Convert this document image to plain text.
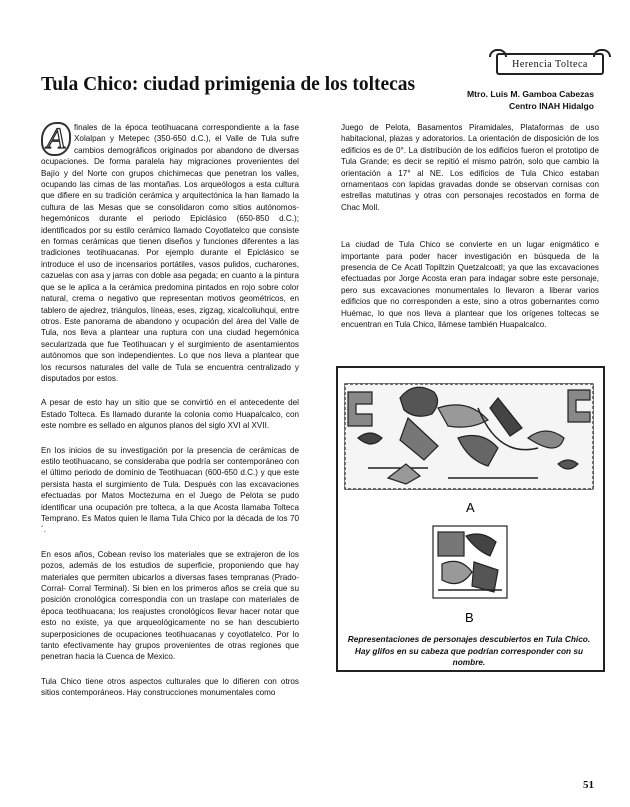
Herencia Tolteca
Tula Chico: ciudad primigenia de los toltecas	Mtro. Luis M. Gamboa Cabezas
Centro INAH Hidalgo

A finales de la época teotihuacana correspondiente a la fase Xolalpan y Metepec (350-650 d.C.), el Valle de Tula sufre cambios demográficos originados por abandono de diversas ocupaciones. De forma paralela hay migraciones provenientes del Bajío y del Norte con grupos chichimecas que penetran los valles, ocupando las cimas de las montañas. Los arqueólogos a esta cultura que difiere en su tradición cerámica y arquitectónica la han llamado la cultura de las Mesas que se consolidaron como sitios autónomos- hegemónicos durante el periodo Epiclásico (650-850 d.C.); identificados por su estilo cerámico llamado Coyotlatelco que consiste en formas cerámicas que tienen diseños y funciones diferentes a las tradiciones teotihuacanas. Por ejemplo durante el Epiclásico se introduce el uso de incensarios portátiles, vasos pulidos, cucharones, cazuelas con asa y jarras con doble asa pegada; en cuanto a la pintura que se le aplica a la cerámica predomina pintados en rojo sobre color natural, crema o negativo que representan motivos geométricos, en tablero de ajedrez, triángulos, líneas, eses, zigzag, xicalcoliuhqui, entre otros. Este panorama de abandono y ocupación del área del Valle de Tula, nos lleva a plantear una ruptura con una ciudad hegemónica secularizada que fue Teotihuacan y el surgimiento de asentamientos autónomos que son independientes. Lo que nos lleva a plantear que los recursos naturales del valle de Tula se encuentra centralizado y disputados por estos.

A pesar de esto hay un sitio que se convirtió en el antecedente del Estado Tolteca. Es llamado durante la colonia como Huapalcalco, con este nombre es sellado en algunos planos del siglo XVI al XVII.

En los inicios de su investigación por la presencia de cerámicas de estilo teotihuacano, se consideraba que podría ser contemporáneo con el último periodo de dominio de Teotihuacan (600-650 d.C.) y que este persista hasta el surgimiento de Tula. Después con las excavaciones efectuadas por Matos Moctezuma en el Juego de Pelota se pudo identificar una ocupación pre tolteca, a la que Acosta llamaba Tolteca Temprano. Es Matos quien le llama Tula Chico por la década de los 70´.

En esos años, Cobean reviso los materiales que se extrajeron de los pozos, además de los estudios de superficie, proponiendo que hay materiales que permiten ubicarlos a diversas fases tempranas (Prado- Corral- Corral Terminal). Si bien en los primeros años se creía que su posición cronológica correspondía con un traslape con materiales de época teotihuacana; los reajustes cronológicos llevar hacer notar que esto no existe, ya que arqueológicamente no se han descubierto superposiciones de ocupaciones teotihuacanas y coyotlatelco. Por lo tanto efectivamente hay grupos provenientes de otras regiones que penetran hacia la Cuenca de Mexico.

Tula Chico tiene otros aspectos culturales que lo difieren con otros sitios contemporáneos. Hay construcciones monumentales como

Juego de Pelota, Basamentos Piramidales, Plataformas de uso habitacional, plazas y adoratorios. La orientación de disposición de los edificios es de 0°. La distribución de los edificios fueron el prototipo de Tula Grande; es decir se repitió el mismo patrón, solo que cambio la orientación a 17° al NE. Los edificios de Tula Chico estaban ornamentaos con lapidas gravadas donde se observan cornisas con estrellas matutinas y otras con personajes recostados en forma de Chac Moll.

La ciudad de Tula Chico se convierte en un lugar enigmático e importante para poder hacer investigación en búsqueda de la presencia de Ce Acatl Topiltzin Quetzalcoatl; ya que las excavaciones efectuadas por Jorge Acosta eran para indagar sobre este personaje, pero sus excavaciones monumentales lo llevaron a liberar varios edificios que no corresponden a este, sino a otros gobernantes como Huémac, lo que nos lleva a plantear que los orígenes toltecas se encuentran en Tula Chico, llámese también Huapalcalco.

A
B
Representaciones de personajes descubiertos en Tula Chico. Hay glifos en su cabeza que podrían corresponder con su nombre.
51
